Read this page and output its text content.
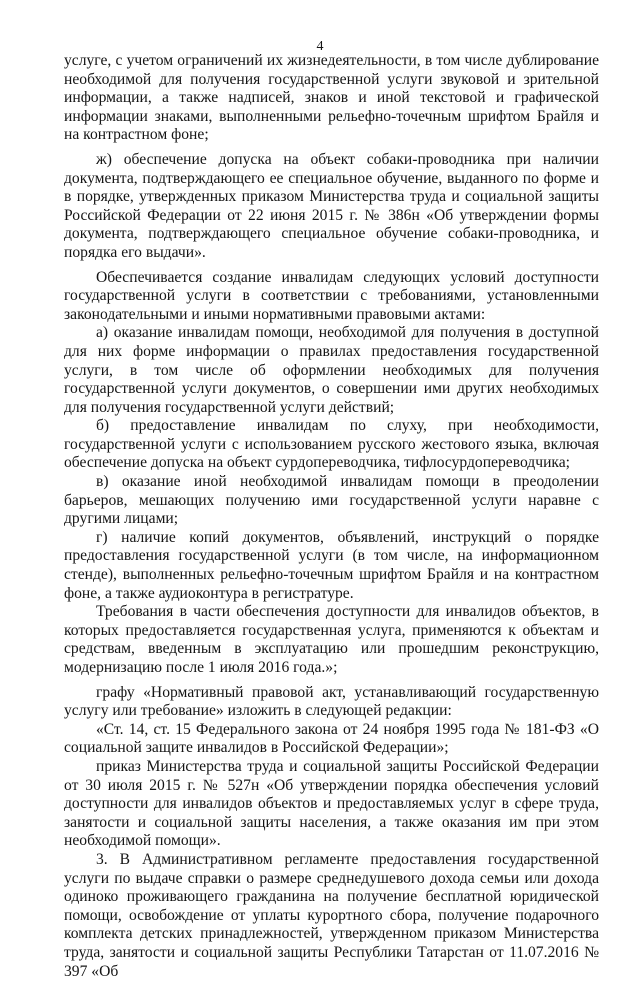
4

услуге, с учетом ограничений их жизнедеятельности, в том числе дублирование необходимой для получения государственной услуги звуковой и зрительной информации, а также надписей, знаков и иной текстовой и графической информации знаками, выполненными рельефно-точечным шрифтом Брайля и на контрастном фоне;

ж) обеспечение допуска на объект собаки-проводника при наличии документа, подтверждающего ее специальное обучение, выданного по форме и в порядке, утвержденных приказом Министерства труда и социальной защиты Российской Федерации от 22 июня 2015 г. № 386н «Об утверждении формы документа, подтверждающего специальное обучение собаки-проводника, и порядка его выдачи».

Обеспечивается создание инвалидам следующих условий доступности государственной услуги в соответствии с требованиями, установленными законодательными и иными нормативными правовыми актами:

а) оказание инвалидам помощи, необходимой для получения в доступной для них форме информации о правилах предоставления государственной услуги, в том числе об оформлении необходимых для получения государственной услуги документов, о совершении ими других необходимых для получения государственной услуги действий;

б) предоставление инвалидам по слуху, при необходимости, государственной услуги с использованием русского жестового языка, включая обеспечение допуска на объект сурдопереводчика, тифлосурдопереводчика;

в) оказание иной необходимой инвалидам помощи в преодолении барьеров, мешающих получению ими государственной услуги наравне с другими лицами;

г) наличие копий документов, объявлений, инструкций о порядке предоставления государственной услуги (в том числе, на информационном стенде), выполненных рельефно-точечным шрифтом Брайля и на контрастном фоне, а также аудиоконтура в регистратуре.

Требования в части обеспечения доступности для инвалидов объектов, в которых предоставляется государственная услуга, применяются к объектам и средствам, введенным в эксплуатацию или прошедшим реконструкцию, модернизацию после 1 июля 2016 года.»;

графу «Нормативный правовой акт, устанавливающий государственную услугу или требование» изложить в следующей редакции:

«Ст. 14, ст. 15 Федерального закона от 24 ноября 1995 года № 181-ФЗ «О социальной защите инвалидов в Российской Федерации»;

приказ Министерства труда и социальной защиты Российской Федерации от 30 июля 2015 г. № 527н «Об утверждении порядка обеспечения условий доступности для инвалидов объектов и предоставляемых услуг в сфере труда, занятости и социальной защиты населения, а также оказания им при этом необходимой помощи».

3. В Административном регламенте предоставления государственной услуги по выдаче справки о размере среднедушевого дохода семьи или дохода одиноко проживающего гражданина на получение бесплатной юридической помощи, освобождение от уплаты курортного сбора, получение подарочного комплекта детских принадлежностей, утвержденном приказом Министерства труда, занятости и социальной защиты Республики Татарстан от 11.07.2016 № 397 «Об
